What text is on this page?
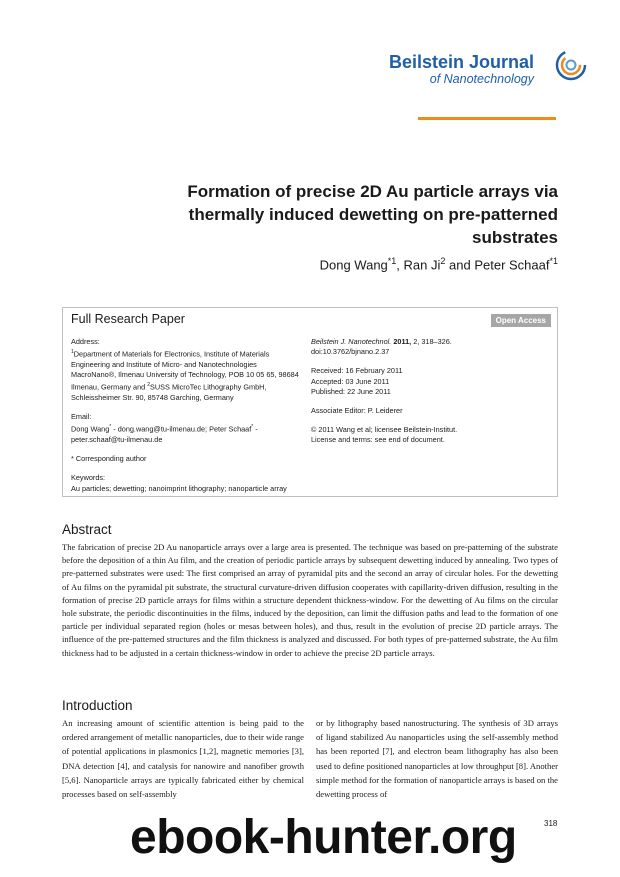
Beilstein Journal
of Nanotechnology
Formation of precise 2D Au particle arrays via thermally induced dewetting on pre-patterned substrates
Dong Wang$^{*1}$, Ran Ji$^2$ and Peter Schaaf$^{*1}$
Full Research Paper	Open Access

Address:
$^1$Department of Materials for Electronics, Institute of Materials Engineering and Institute of Micro- and Nanotechnologies MacroNano®, Ilmenau University of Technology, POB 10 05 65, 98684 Ilmenau, Germany and $^2$SUSS MicroTec Lithography GmbH, Schleissheimer Str. 90, 85748 Garching, Germany

Email:
Dong Wang* - dong.wang@tu-ilmenau.de; Peter Schaaf* - peter.schaaf@tu-ilmenau.de

* Corresponding author

Keywords:
Au particles; dewetting; nanoimprint lithography; nanoparticle array

Beilstein J. Nanotechnol. 2011, 2, 318–326.
doi:10.3762/bjnano.2.37

Received: 16 February 2011
Accepted: 03 June 2011
Published: 22 June 2011

Associate Editor: P. Leiderer

© 2011 Wang et al; licensee Beilstein-Institut.
License and terms: see end of document.

Abstract
The fabrication of precise 2D Au nanoparticle arrays over a large area is presented. The technique was based on pre-patterning of the substrate before the deposition of a thin Au film, and the creation of periodic particle arrays by subsequent dewetting induced by annealing. Two types of pre-patterned substrates were used: The first comprised an array of pyramidal pits and the second an array of circular holes. For the dewetting of Au films on the pyramidal pit substrate, the structural curvature-driven diffusion cooperates with capillarity-driven diffusion, resulting in the formation of precise 2D particle arrays for films within a structure dependent thickness-window. For the dewetting of Au films on the circular hole substrate, the periodic discontinuities in the films, induced by the deposition, can limit the diffusion paths and lead to the formation of one particle per individual separated region (holes or mesas between holes), and thus, result in the evolution of precise 2D particle arrays. The influence of the pre-patterned structures and the film thickness is analyzed and discussed. For both types of pre-patterned substrate, the Au film thickness had to be adjusted in a certain thickness-window in order to achieve the precise 2D particle arrays.
Introduction
An increasing amount of scientific attention is being paid to the ordered arrangement of metallic nanoparticles, due to their wide range of potential applications in plasmonics [1,2], magnetic memories [3], DNA detection [4], and catalysis for nanowire and nanofiber growth [5,6]. Nanoparticle arrays are typically fabricated either by chemical processes based on self-assembly
or by lithography based nanostructuring. The synthesis of 3D arrays of ligand stabilized Au nanoparticles using the self-assembly method has been reported [7], and electron beam lithography has also been used to define positioned nanoparticles at low throughput [8]. Another simple method for the formation of nanoparticle arrays is based on the dewetting process of
318
ebook-hunter.org
